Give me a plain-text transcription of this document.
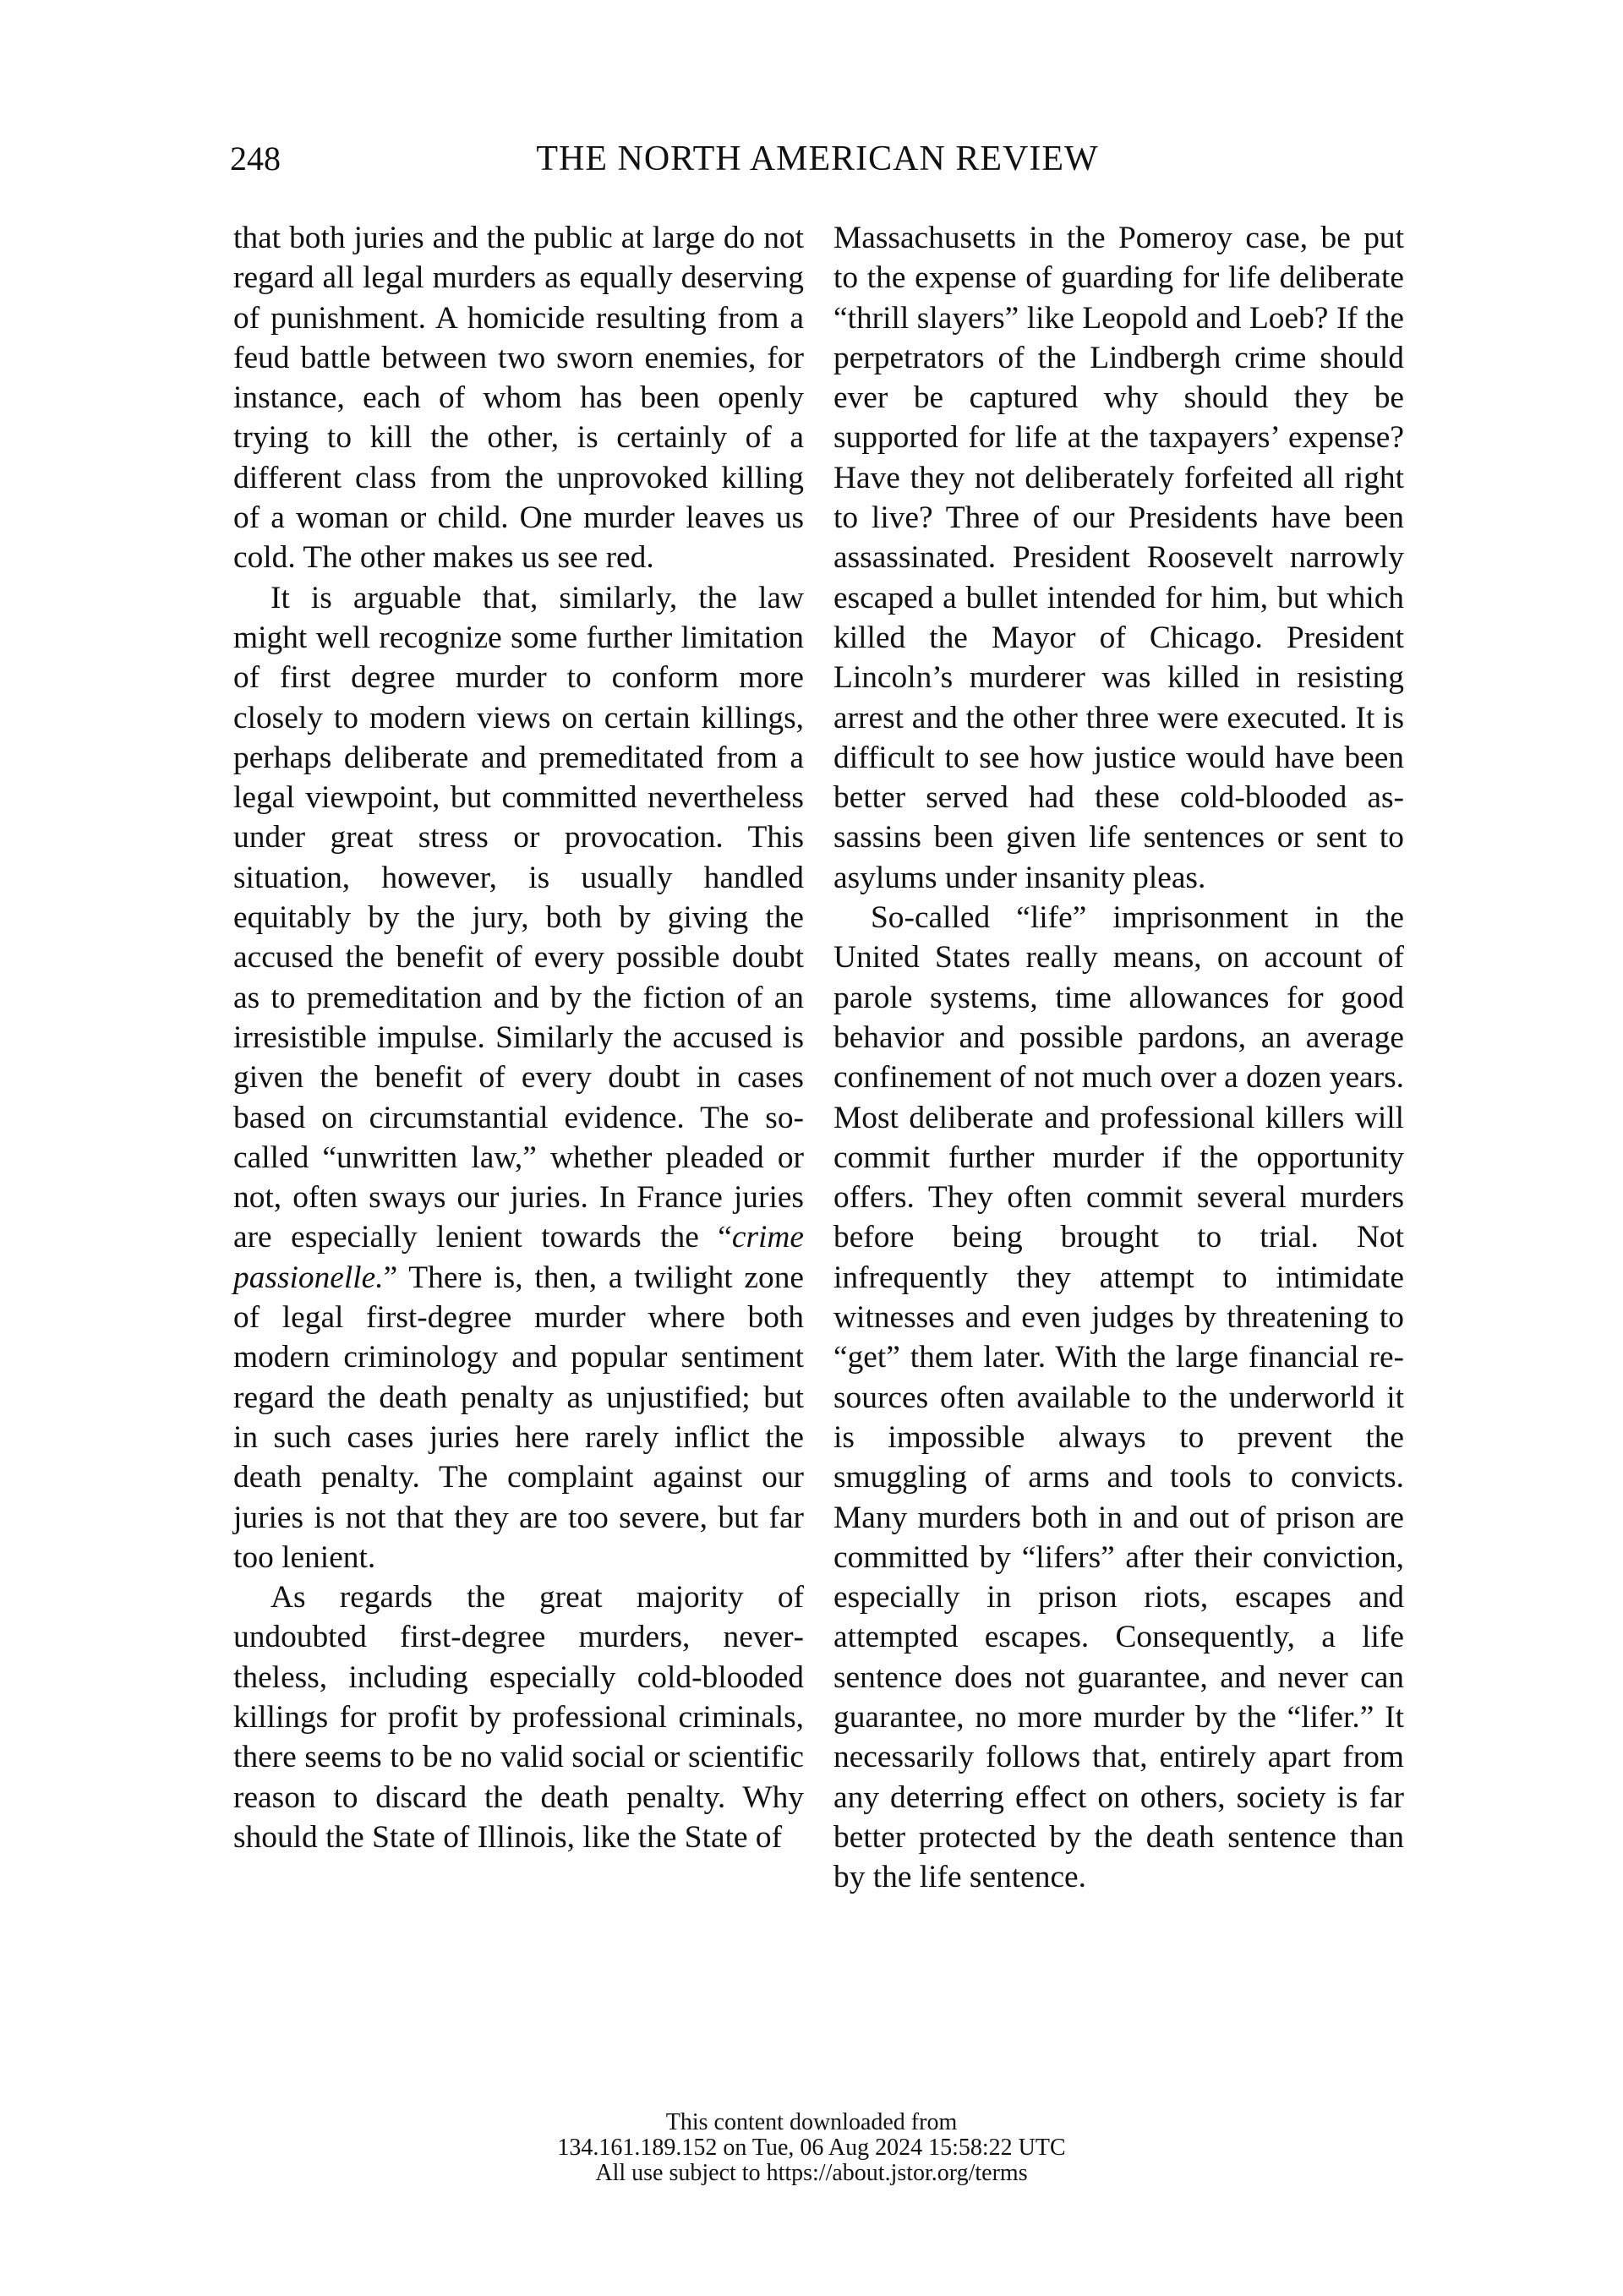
248	THE NORTH AMERICAN REVIEW

that both juries and the public at large do not regard all legal murders as equally deserving of punishment. A homicide resulting from a feud battle between two sworn enemies, for instance, each of whom has been openly trying to kill the other, is certainly of a different class from the unprovoked killing of a woman or child. One murder leaves us cold. The other makes us see red.

It is arguable that, similarly, the law might well recognize some further limitation of first degree murder to conform more closely to modern views on certain killings, perhaps deliberate and premeditated from a legal viewpoint, but committed nevertheless under great stress or provocation. This situation, however, is usually handled equitably by the jury, both by giving the accused the benefit of every possible doubt as to premeditation and by the fiction of an irresistible impulse. Similarly the accused is given the benefit of every doubt in cases based on circumstantial evidence. The so-called “unwritten law,” whether pleaded or not, often sways our juries. In France juries are especially lenient towards the “crime passionelle.” There is, then, a twilight zone of legal first-degree murder where both modern criminology and popular sentiment regard the death penalty as unjustified; but in such cases juries here rarely inflict the death penalty. The complaint against our juries is not that they are too severe, but far too lenient.

As regards the great majority of undoubted first-degree murders, nevertheless, including especially cold-blooded killings for profit by professional criminals, there seems to be no valid social or scientific reason to discard the death penalty. Why should the State of Illinois, like the State of

Massachusetts in the Pomeroy case, be put to the expense of guarding for life deliberate “thrill slayers” like Leopold and Loeb? If the perpetrators of the Lindbergh crime should ever be captured why should they be supported for life at the taxpayers’ expense? Have they not deliberately forfeited all right to live? Three of our Presidents have been assassinated. President Roosevelt narrowly escaped a bullet intended for him, but which killed the Mayor of Chicago. President Lincoln’s murderer was killed in resisting arrest and the other three were executed. It is difficult to see how justice would have been better served had these cold-blooded assassins been given life sentences or sent to asylums under insanity pleas.

So-called “life” imprisonment in the United States really means, on account of parole systems, time allowances for good behavior and possible pardons, an average confinement of not much over a dozen years. Most deliberate and professional killers will commit further murder if the opportunity offers. They often commit several murders before being brought to trial. Not infrequently they attempt to intimidate witnesses and even judges by threatening to “get” them later. With the large financial resources often available to the underworld it is impossible always to prevent the smuggling of arms and tools to convicts. Many murders both in and out of prison are committed by “lifers” after their conviction, especially in prison riots, escapes and attempted escapes. Consequently, a life sentence does not guarantee, and never can guarantee, no more murder by the “lifer.” It necessarily follows that, entirely apart from any deterring effect on others, society is far better protected by the death sentence than by the life sentence.

This content downloaded from
134.161.189.152 on Tue, 06 Aug 2024 15:58:22 UTC
All use subject to https://about.jstor.org/terms
